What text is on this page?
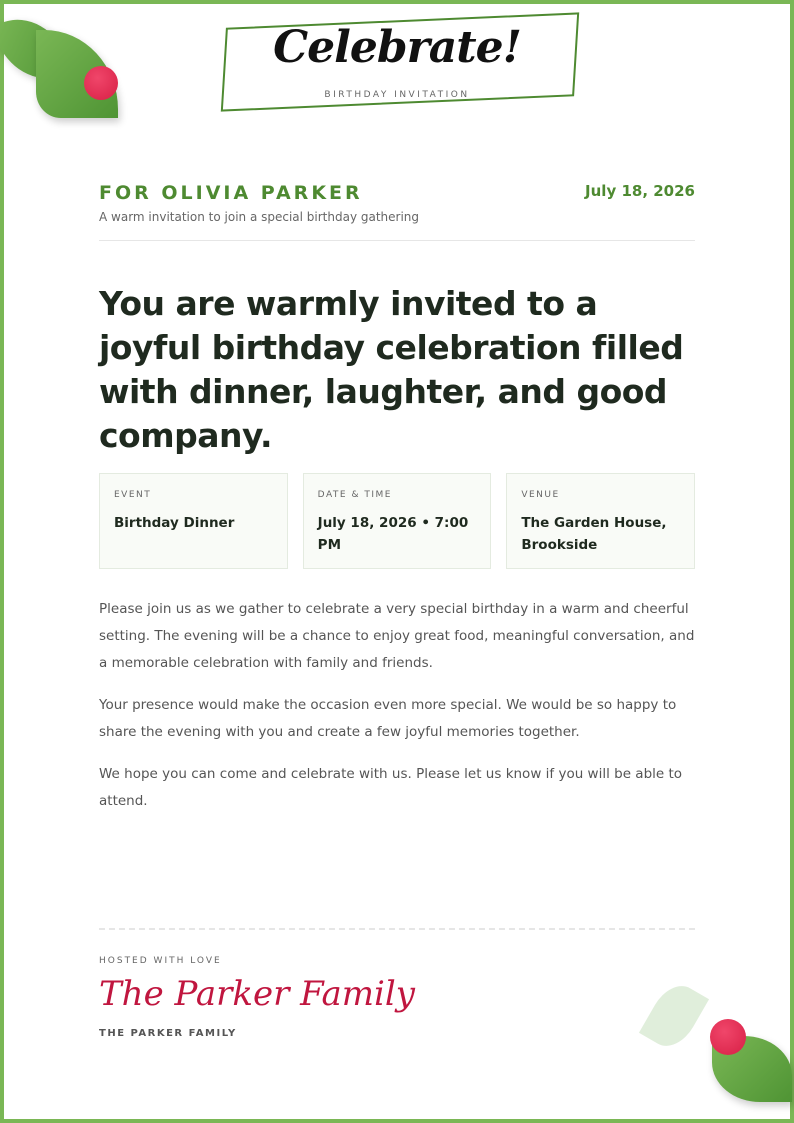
Celebrate!
BIRTHDAY INVITATION
FOR OLIVIA PARKER	July 18, 2026
A warm invitation to join a special birthday gathering
You are warmly invited to a joyful birthday celebration filled with dinner, laughter, and good company.
EVENT
Birthday Dinner
DATE & TIME
July 18, 2026 • 7:00 PM
VENUE
The Garden House, Brookside

Please join us as we gather to celebrate a very special birthday in a warm and cheerful setting. The evening will be a chance to enjoy great food, meaningful conversation, and a memorable celebration with family and friends.

Your presence would make the occasion even more special. We would be so happy to share the evening with you and create a few joyful memories together.

We hope you can come and celebrate with us. Please let us know if you will be able to attend.

HOSTED WITH LOVE
The Parker Family
THE PARKER FAMILY
